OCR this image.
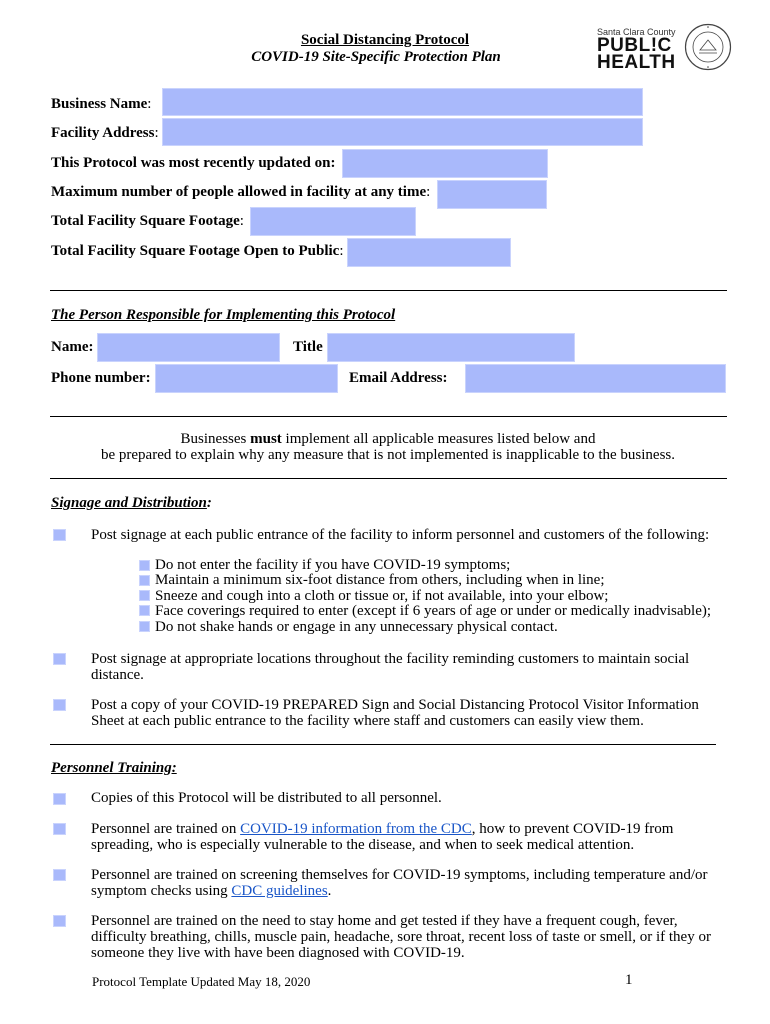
Social Distancing Protocol
COVID-19 Site-Specific Protection Plan
Santa Clara County
PUBL!C
HEALTH
Business Name:
Facility Address:
This Protocol was most recently updated on:
Maximum number of people allowed in facility at any time:
Total Facility Square Footage:
Total Facility Square Footage Open to Public:
The Person Responsible for Implementing this Protocol
Name:	Title
Phone number:	Email Address:
Businesses must implement all applicable measures listed below and
be prepared to explain why any measure that is not implemented is inapplicable to the business.
Signage and Distribution:
Post signage at each public entrance of the facility to inform personnel and customers of the following:
Do not enter the facility if you have COVID-19 symptoms;
Maintain a minimum six-foot distance from others, including when in line;
Sneeze and cough into a cloth or tissue or, if not available, into your elbow;
Face coverings required to enter (except if 6 years of age or under or medically inadvisable);
Do not shake hands or engage in any unnecessary physical contact.
Post signage at appropriate locations throughout the facility reminding customers to maintain social
distance.
Post a copy of your COVID-19 PREPARED Sign and Social Distancing Protocol Visitor Information
Sheet at each public entrance to the facility where staff and customers can easily view them.
Personnel Training:
Copies of this Protocol will be distributed to all personnel.
Personnel are trained on COVID-19 information from the CDC, how to prevent COVID-19 from
spreading, who is especially vulnerable to the disease, and when to seek medical attention.
Personnel are trained on screening themselves for COVID-19 symptoms, including temperature and/or
symptom checks using CDC guidelines.
Personnel are trained on the need to stay home and get tested if they have a frequent cough, fever,
difficulty breathing, chills, muscle pain, headache, sore throat, recent loss of taste or smell, or if they or
someone they live with have been diagnosed with COVID-19.
Protocol Template Updated May 18, 2020	1
